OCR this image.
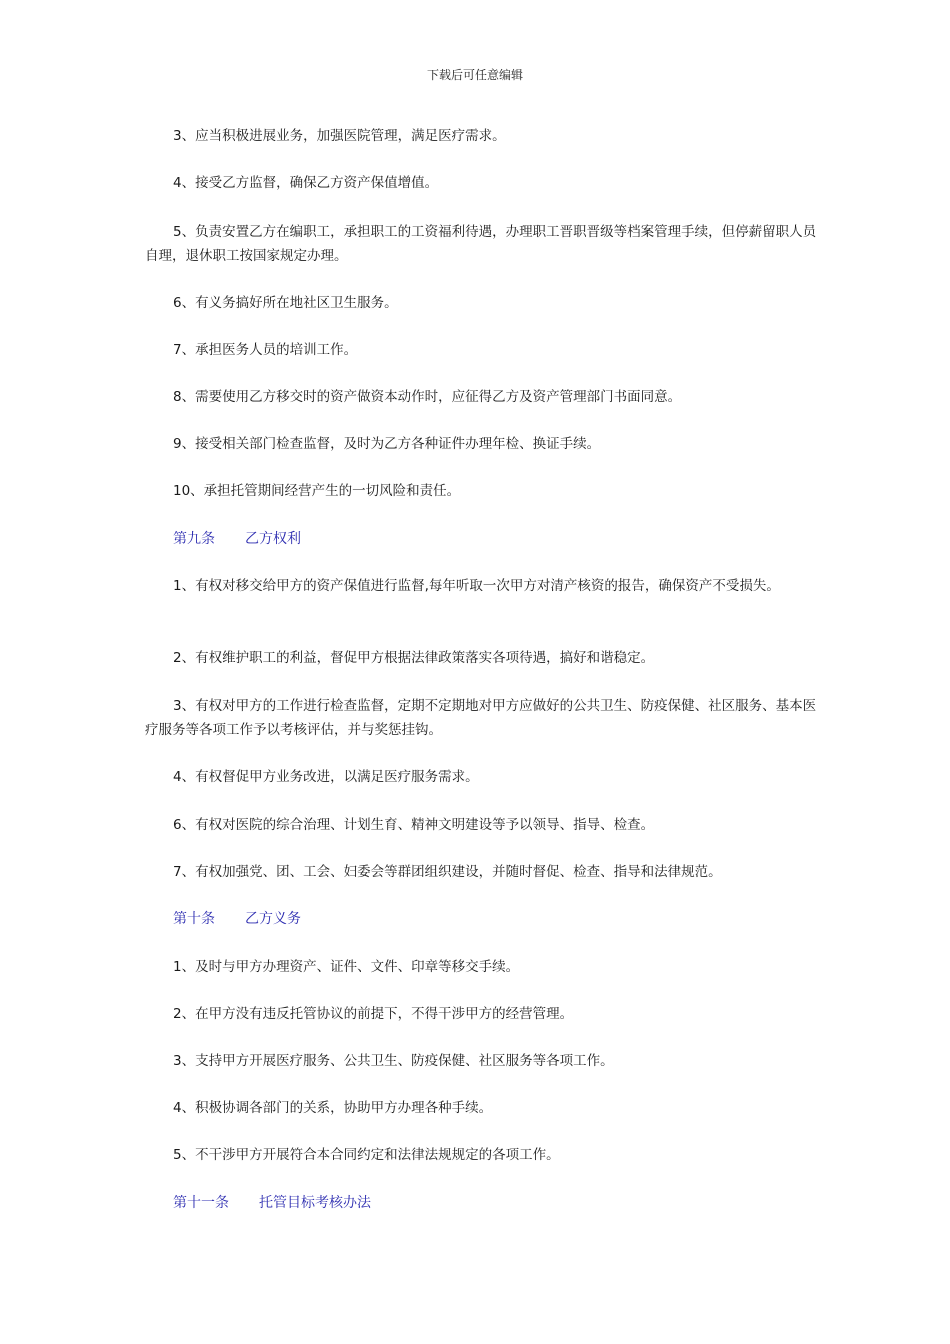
下载后可任意编辑
3、应当积极进展业务，加强医院管理，满足医疗需求。
4、接受乙方监督，确保乙方资产保值增值。
5、负责安置乙方在编职工，承担职工的工资福利待遇，办理职工晋职晋级等档案管理手续，但停薪留职人员自理，退休职工按国家规定办理。
6、有义务搞好所在地社区卫生服务。
7、承担医务人员的培训工作。
8、需要使用乙方移交时的资产做资本动作时，应征得乙方及资产管理部门书面同意。
9、接受相关部门检查监督，及时为乙方各种证件办理年检、换证手续。
10、承担托管期间经营产生的一切风险和责任。
第九条 乙方权利
1、有权对移交给甲方的资产保值进行监督,每年听取一次甲方对清产核资的报告，确保资产不受损失。
2、有权维护职工的利益，督促甲方根据法律政策落实各项待遇，搞好和谐稳定。
3、有权对甲方的工作进行检查监督，定期不定期地对甲方应做好的公共卫生、防疫保健、社区服务、基本医疗服务等各项工作予以考核评估，并与奖惩挂钩。
4、有权督促甲方业务改进，以满足医疗服务需求。
6、有权对医院的综合治理、计划生育、精神文明建设等予以领导、指导、检查。
7、有权加强党、团、工会、妇委会等群团组织建设，并随时督促、检查、指导和法律规范。
第十条 乙方义务
1、及时与甲方办理资产、证件、文件、印章等移交手续。
2、在甲方没有违反托管协议的前提下，不得干涉甲方的经营管理。
3、支持甲方开展医疗服务、公共卫生、防疫保健、社区服务等各项工作。
4、积极协调各部门的关系，协助甲方办理各种手续。
5、不干涉甲方开展符合本合同约定和法律法规规定的各项工作。
第十一条 托管目标考核办法
